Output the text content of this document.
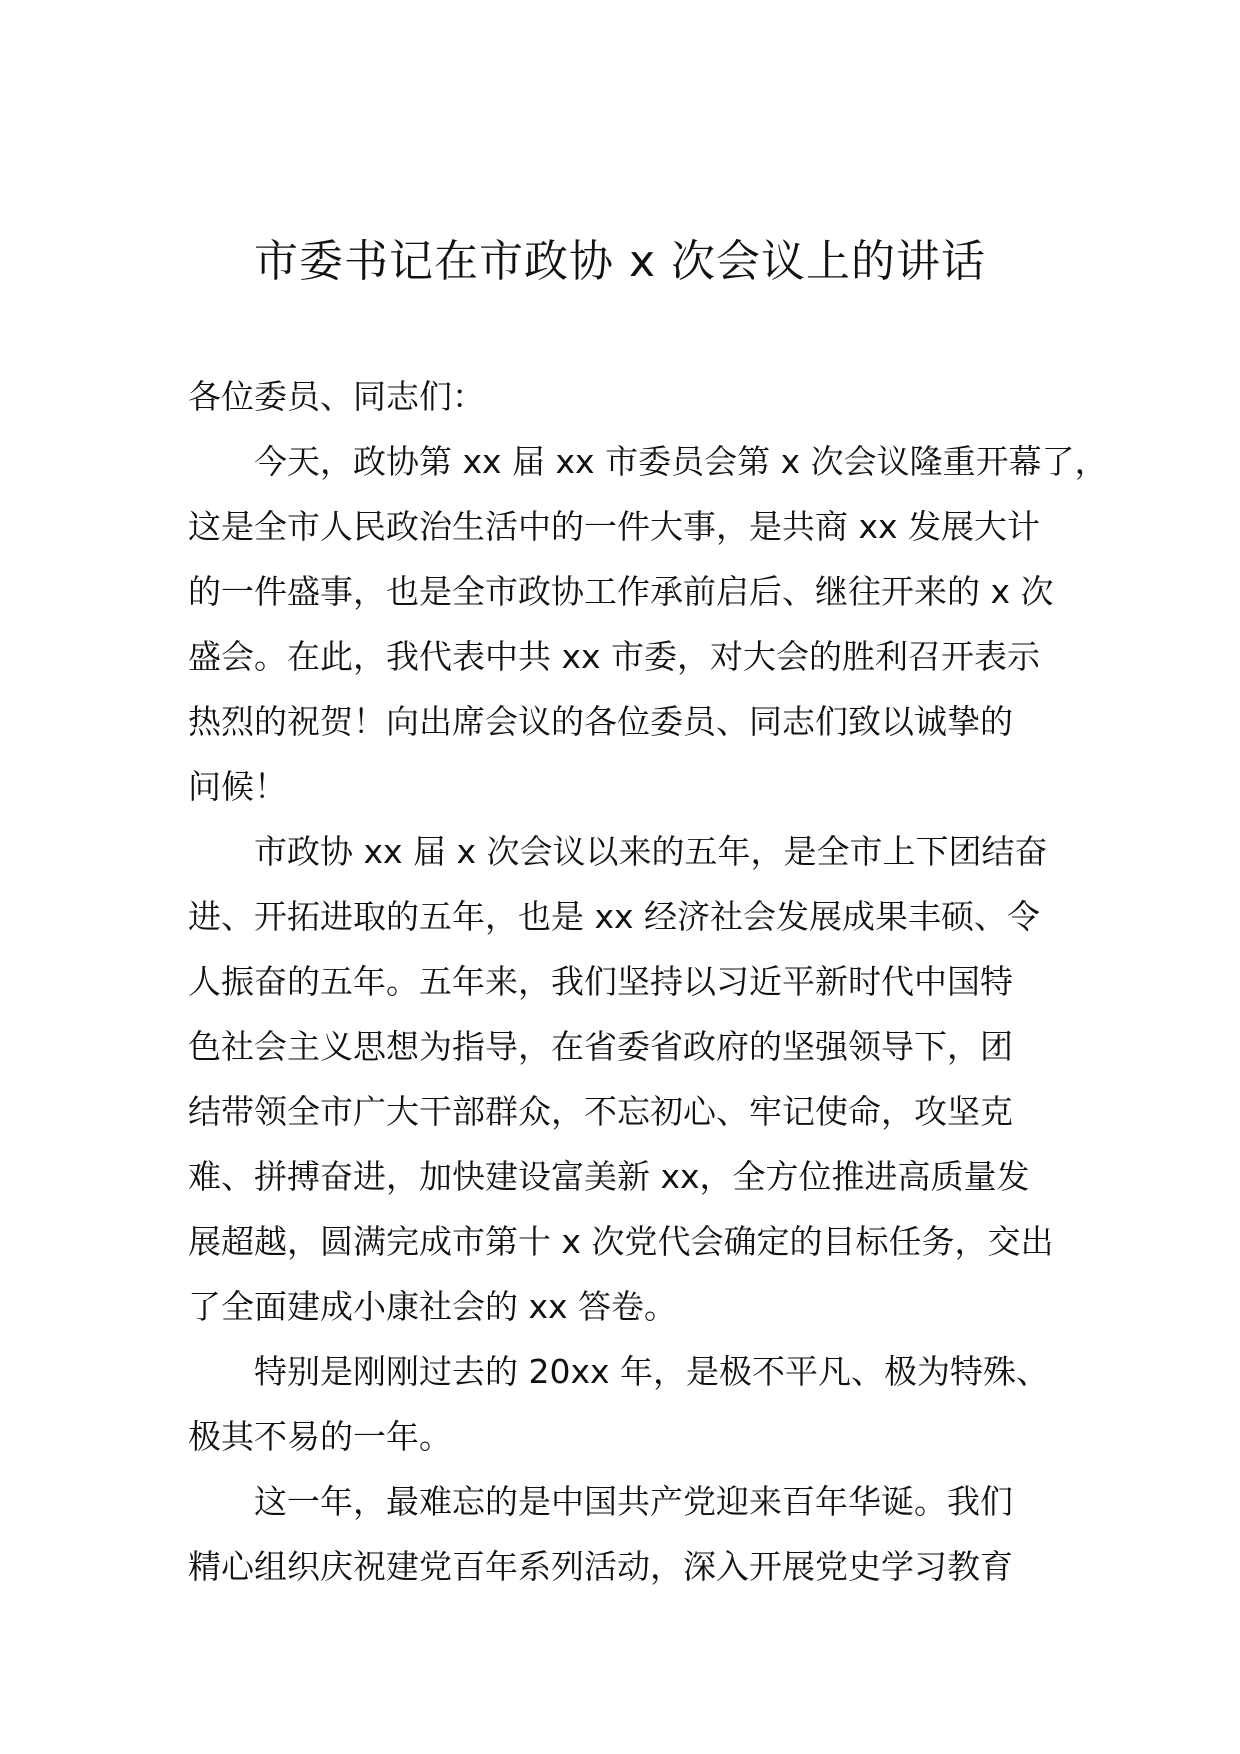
市委书记在市政协 x 次会议上的讲话
各位委员、同志们：
今天，政协第 xx 届 xx 市委员会第 x 次会议隆重开幕了，
这是全市人民政治生活中的一件大事，是共商 xx 发展大计
的一件盛事，也是全市政协工作承前启后、继往开来的 x 次
盛会。在此，我代表中共 xx 市委，对大会的胜利召开表示
热烈的祝贺！向出席会议的各位委员、同志们致以诚挚的
问候！
市政协 xx 届 x 次会议以来的五年，是全市上下团结奋
进、开拓进取的五年，也是 xx 经济社会发展成果丰硕、令
人振奋的五年。五年来，我们坚持以习近平新时代中国特
色社会主义思想为指导，在省委省政府的坚强领导下，团
结带领全市广大干部群众，不忘初心、牢记使命，攻坚克
难、拼搏奋进，加快建设富美新 xx，全方位推进高质量发
展超越，圆满完成市第十 x 次党代会确定的目标任务，交出
了全面建成小康社会的 xx 答卷。
特别是刚刚过去的 20xx 年，是极不平凡、极为特殊、
极其不易的一年。
这一年，最难忘的是中国共产党迎来百年华诞。我们
精心组织庆祝建党百年系列活动，深入开展党史学习教育
